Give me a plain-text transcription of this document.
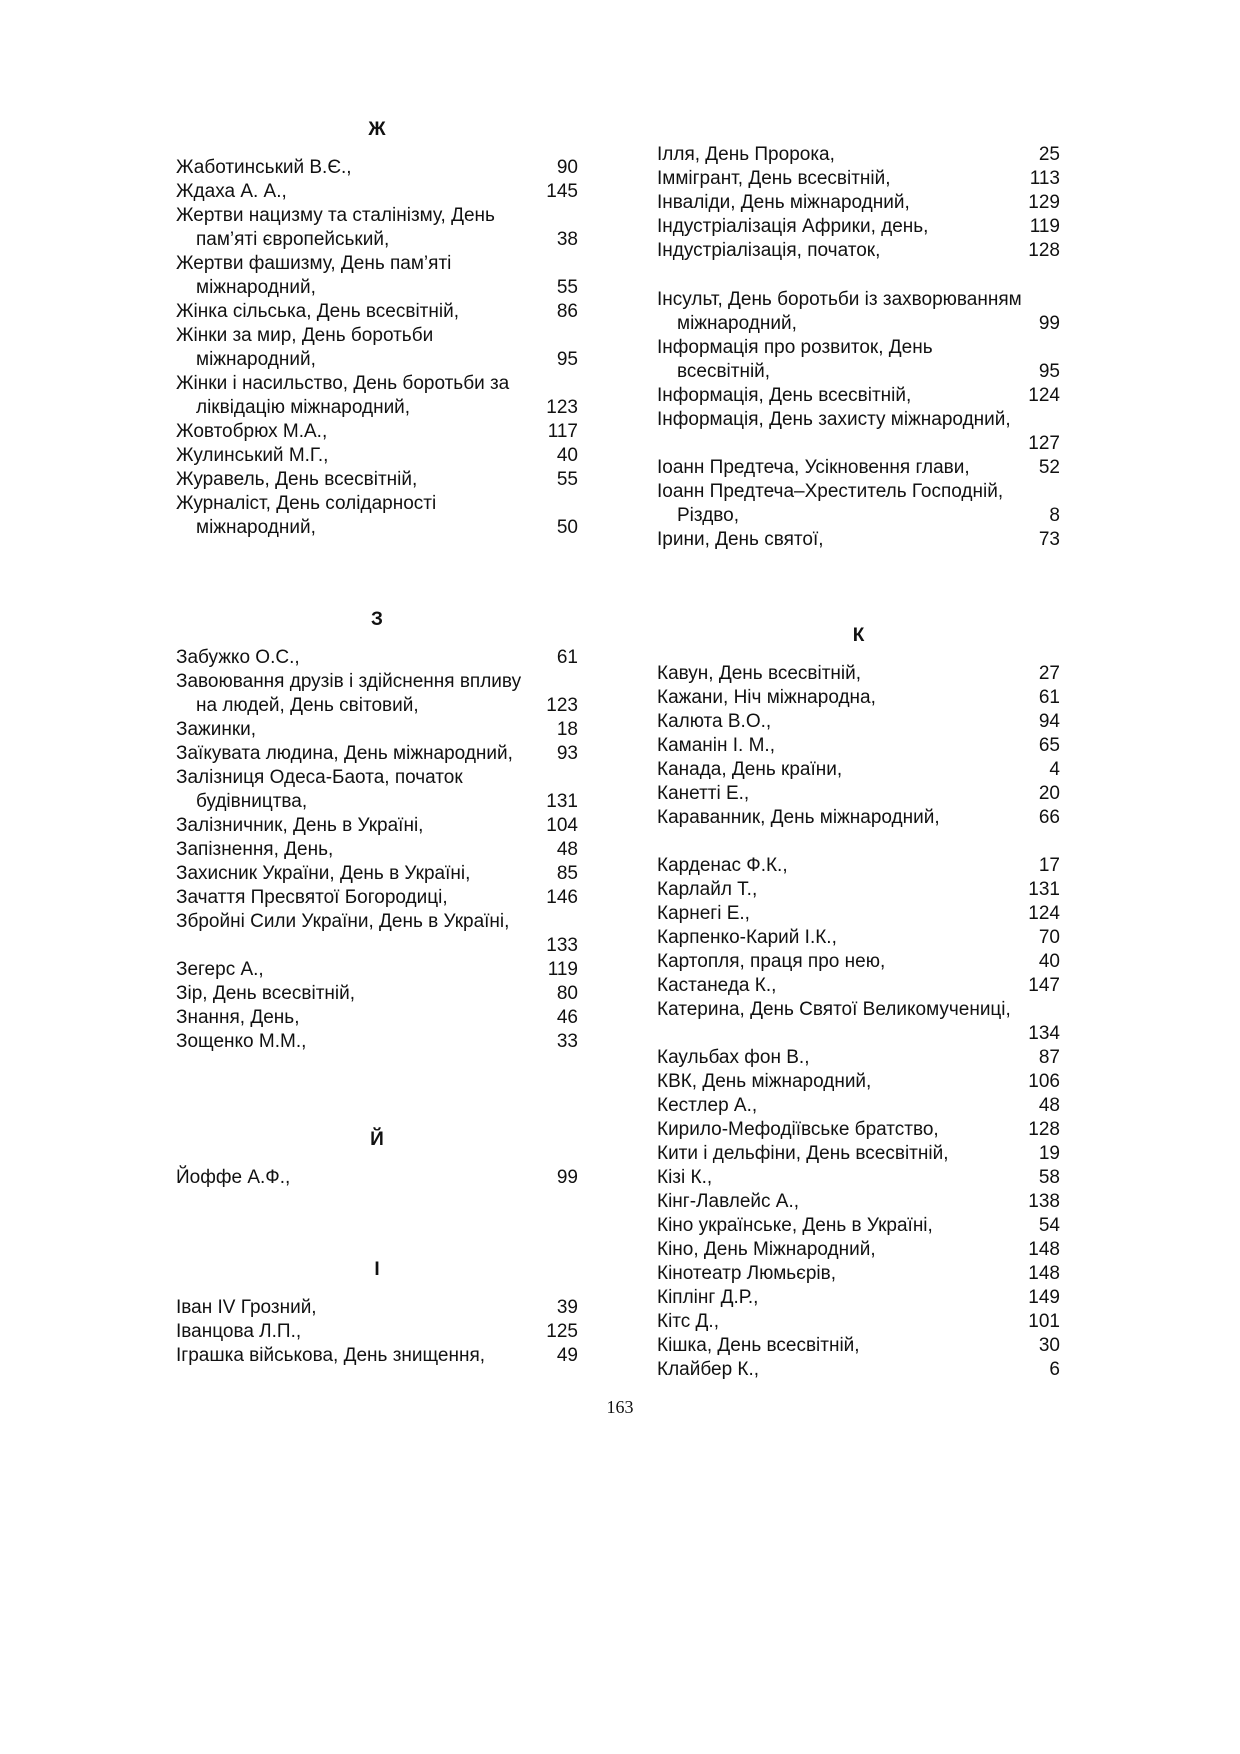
Ж
Жаботинський В.Є.,	90
Ждаха А. А.,	145
Жертви нацизму та сталінізму, День
пам’яті європейський,	38
Жертви фашизму, День пам’яті
міжнародний,	55
Жінка сільська, День всесвітній,	86
Жінки за мир, День боротьби
міжнародний,	95
Жінки і насильство, День боротьби за
ліквідацію міжнародний,	123
Жовтобрюх М.А.,	117
Жулинський М.Г.,	40
Журавель, День всесвітній,	55
Журналіст, День солідарності
міжнародний,	50
З
Забужко О.С.,	61
Завоювання друзів і здійснення впливу
на людей, День світовий,	123
Зажинки,	18
Заїкувата людина, День міжнародний, 93
Залізниця Одеса-Баота, початок
будівництва,	131
Залізничник, День в Україні,	104
Запізнення, День,	48
Захисник України, День в Україні,	85
Зачаття Пресвятої Богородиці,	146
Збройні Сили України, День в Україні,
133
Зегерс А.,	119
Зір, День всесвітній,	80
Знання, День,	46
Зощенко М.М.,	33
Й
Йоффе А.Ф.,	99
І
Іван IV Грозний,	39
Іванцова Л.П.,	125
Іграшка військова, День знищення,	49
Ілля, День Пророка,	25
Іммігрант, День всесвітній,	113
Інваліди, День міжнародний,	129
Індустріалізація Африки, день,	119
Індустріалізація, початок,	128
Інсульт, День боротьби із захворюванням
міжнародний,	99
Інформація про розвиток, День
всесвітній,	95
Інформація, День всесвітній,	124
Інформація, День захисту міжнародний,
127
Іоанн Предтеча, Усікновення глави,	52
Іоанн Предтеча–Хреститель Господній,
Різдво,	8
Ірини, День святої,	73
К
Кавун, День всесвітній,	27
Кажани, Ніч міжнародна,	61
Калюта В.О.,	94
Каманін І. М.,	65
Канада, День країни,	4
Канетті Е.,	20
Караванник, День міжнародний,	66
Карденас Ф.К.,	17
Карлайл Т.,	131
Карнегі Е.,	124
Карпенко-Карий І.К.,	70
Картопля, праця про нею,	40
Кастанеда К.,	147
Катерина, День Святої Великомучениці,
134
Каульбах фон В.,	87
КВК, День міжнародний,	106
Кестлер А.,	48
Кирило-Мефодіївське братство,	128
Кити і дельфіни, День всесвітній,	19
Кізі К.,	58
Кінг-Лавлейс А.,	138
Кіно українське, День в Україні,	54
Кіно, День Міжнародний,	148
Кінотеатр Люмьєрів,	148
Кіплінг Д.Р.,	149
Кітс Д.,	101
Кішка, День всесвітній,	30
Клайбер К.,	6
163
